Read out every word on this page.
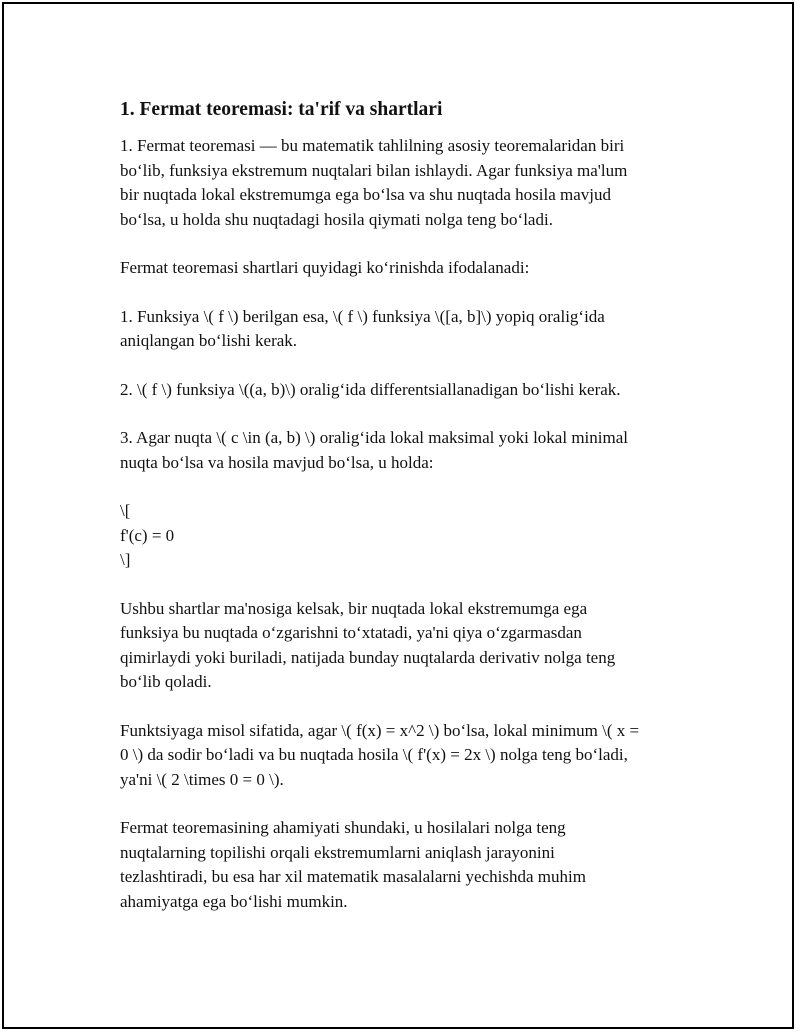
1. Fermat teoremasi: ta'rif va shartlari

1. Fermat teoremasi — bu matematik tahlilning asosiy teoremalaridan biri
bo‘lib, funksiya ekstremum nuqtalari bilan ishlaydi. Agar funksiya ma'lum
bir nuqtada lokal ekstremumga ega bo‘lsa va shu nuqtada hosila mavjud
bo‘lsa, u holda shu nuqtadagi hosila qiymati nolga teng bo‘ladi.

Fermat teoremasi shartlari quyidagi ko‘rinishda ifodalanadi:

1. Funksiya \( f \) berilgan esa, \( f \) funksiya \([a, b]\) yopiq oralig‘ida
aniqlangan bo‘lishi kerak.

2. \( f \) funksiya \((a, b)\) oralig‘ida differentsiallanadigan bo‘lishi kerak.

3. Agar nuqta \( c \in (a, b) \) oralig‘ida lokal maksimal yoki lokal minimal
nuqta bo‘lsa va hosila mavjud bo‘lsa, u holda:

\[
f'(c) = 0
\]

Ushbu shartlar ma'nosiga kelsak, bir nuqtada lokal ekstremumga ega
funksiya bu nuqtada o‘zgarishni to‘xtatadi, ya'ni qiya o‘zgarmasdan
qimirlaydi yoki buriladi, natijada bunday nuqtalarda derivativ nolga teng
bo‘lib qoladi.

Funktsiyaga misol sifatida, agar \( f(x) = x^2 \) bo‘lsa, lokal minimum \( x =
0 \) da sodir bo‘ladi va bu nuqtada hosila \( f'(x) = 2x \) nolga teng bo‘ladi,
ya'ni \( 2 \times 0 = 0 \).

Fermat teoremasining ahamiyati shundaki, u hosilalari nolga teng
nuqtalarning topilishi orqali ekstremumlarni aniqlash jarayonini
tezlashtiradi, bu esa har xil matematik masalalarni yechishda muhim
ahamiyatga ega bo‘lishi mumkin.
